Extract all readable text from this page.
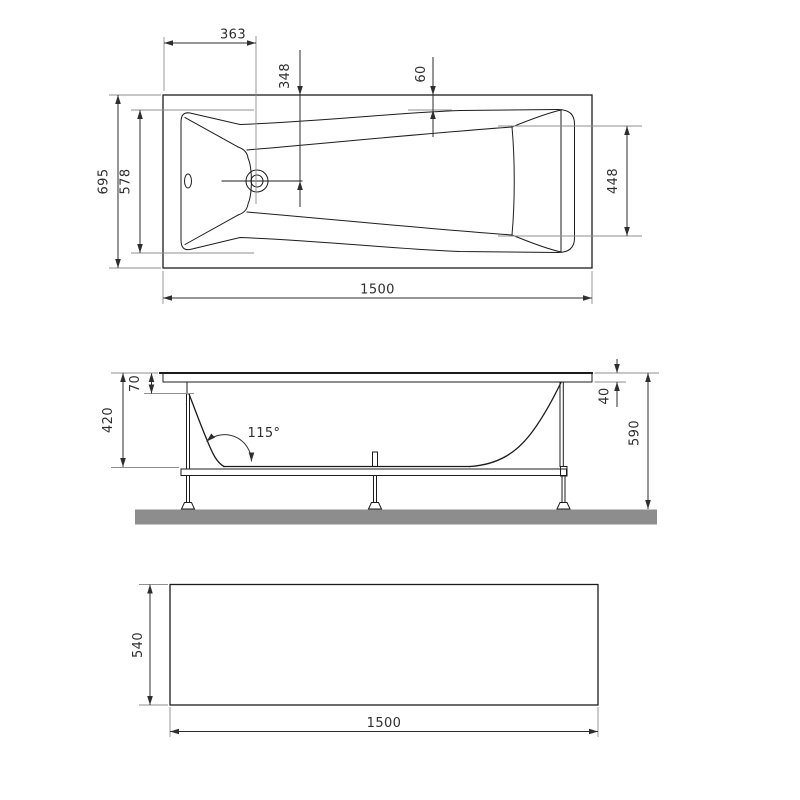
363
348	60
695 578	448
1500
70
420
115°
40
590
540
1500
